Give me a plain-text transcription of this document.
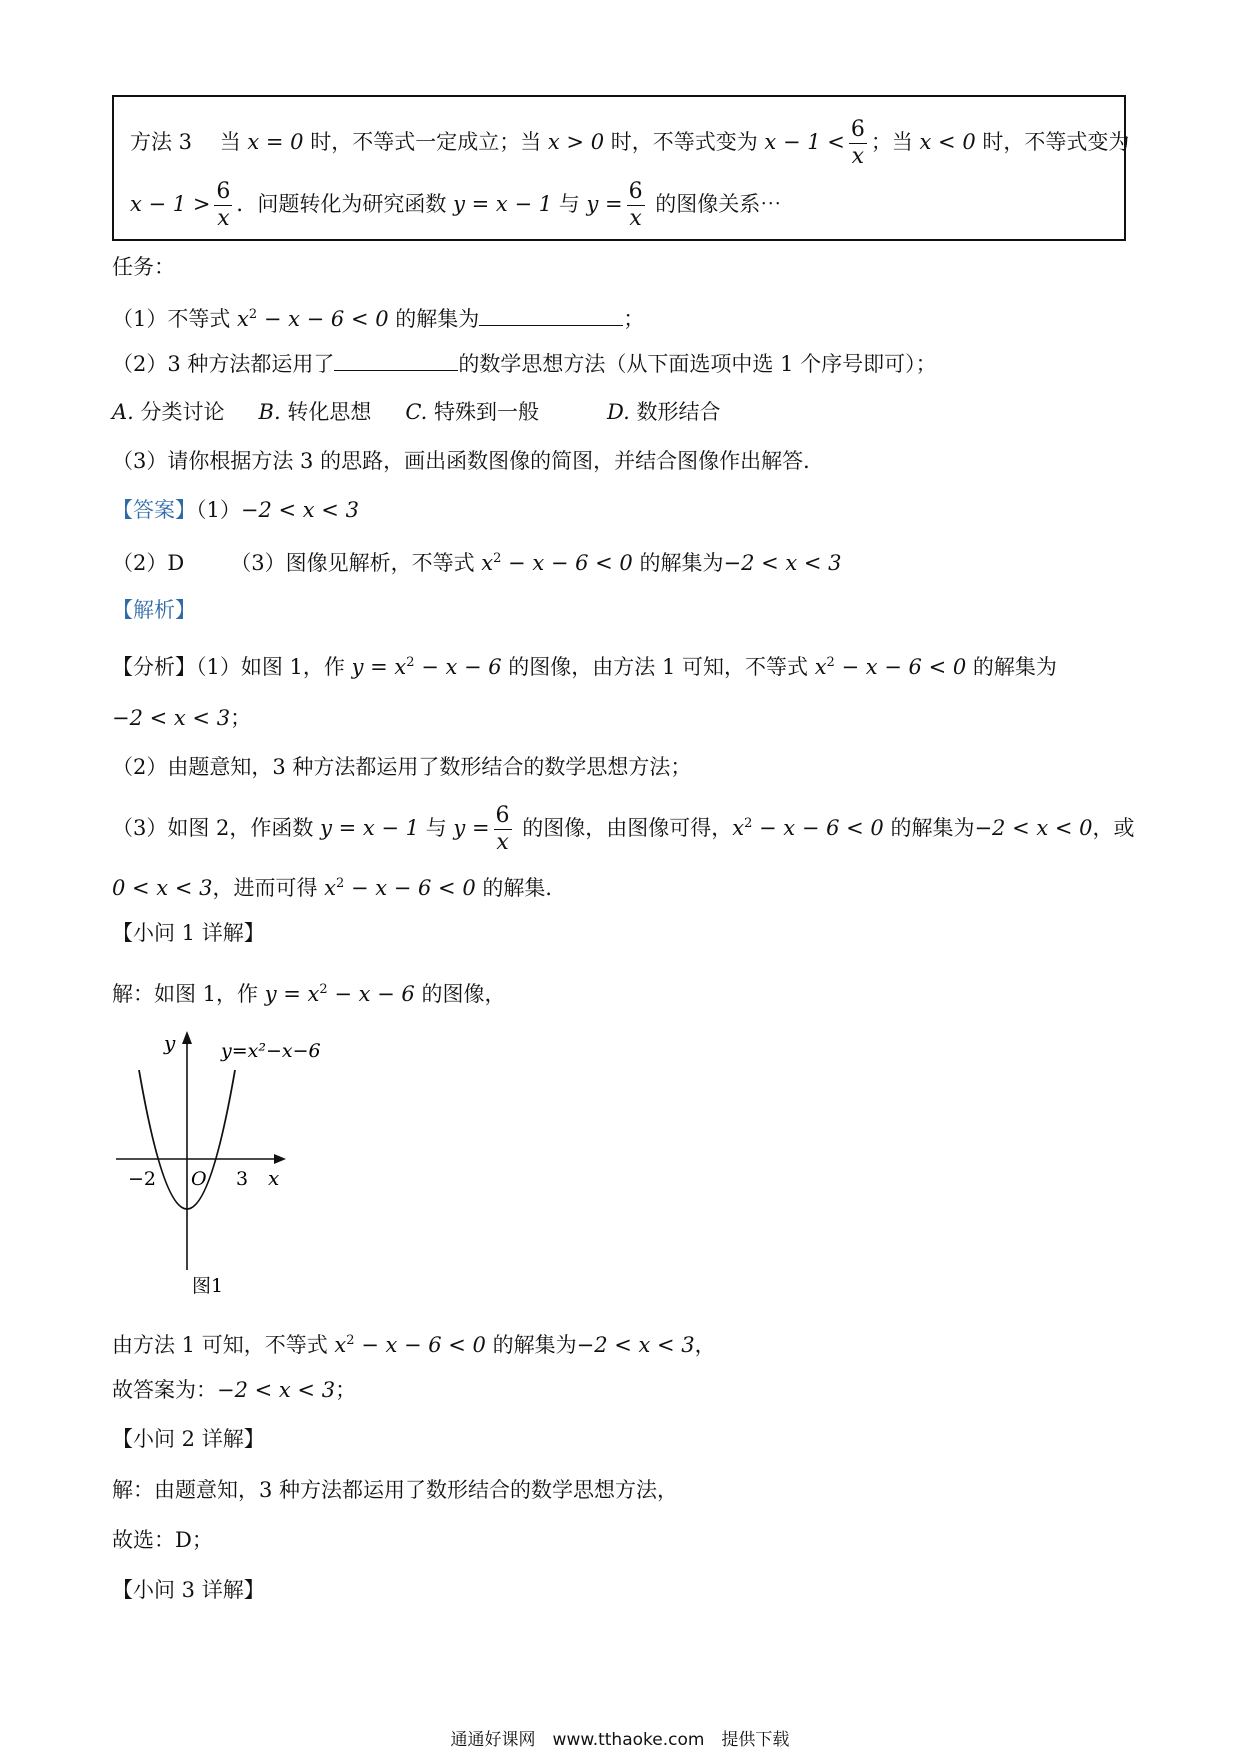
方法 3　 当 x = 0 时，不等式一定成立；当 x > 0 时，不等式变为 $x - 1 < \frac{6}{x}$ ；当 x < 0 时，不等式变为
$x - 1 > \frac{6}{x}$ ．问题转化为研究函数 y = x − 1 与 $y = \frac{6}{x}$ 的图像关系⋯
任务：
（1）不等式 $x^2 - x - 6 < 0$ 的解集为	；
（2）3 种方法都运用了	的数学思想方法（从下面选项中选 1 个序号即可）；
A. 分类讨论 B. 转化思想 C. 特殊到一般	D. 数形结合
（3）请你根据方法 3 的思路，画出函数图像的简图，并结合图像作出解答．
【答案】（1）−2 < x < 3
（2）D （3）图像见解析，不等式 $x^2 - x - 6 < 0$ 的解集为−2 < x < 3
【解析】
【分析】（1）如图 1，作 $y = x^2 - x - 6$ 的图像，由方法 1 可知，不等式 $x^2 - x - 6 < 0$ 的解集为
−2 < x < 3；
（2）由题意知，3 种方法都运用了数形结合的数学思想方法；
（3）如图 2，作函数 y = x − 1 与 $y = \frac{6}{x}$ 的图像，由图像可得，$x^2 - x - 6 < 0$ 的解集为−2 < x < 0，或
0 < x < 3，进而可得 $x^2 - x - 6 < 0$ 的解集．
【小问 1 详解】
解：如图 1，作 $y = x^2 - x - 6$ 的图像，
y y=x²−x−6
−2 O 3 x
图1
由方法 1 可知，不等式 $x^2 - x - 6 < 0$ 的解集为−2 < x < 3，
故答案为：−2 < x < 3；
【小问 2 详解】
解：由题意知，3 种方法都运用了数形结合的数学思想方法，
故选：D；
【小问 3 详解】
通通好课网　www.tthaoke.com　提供下载
